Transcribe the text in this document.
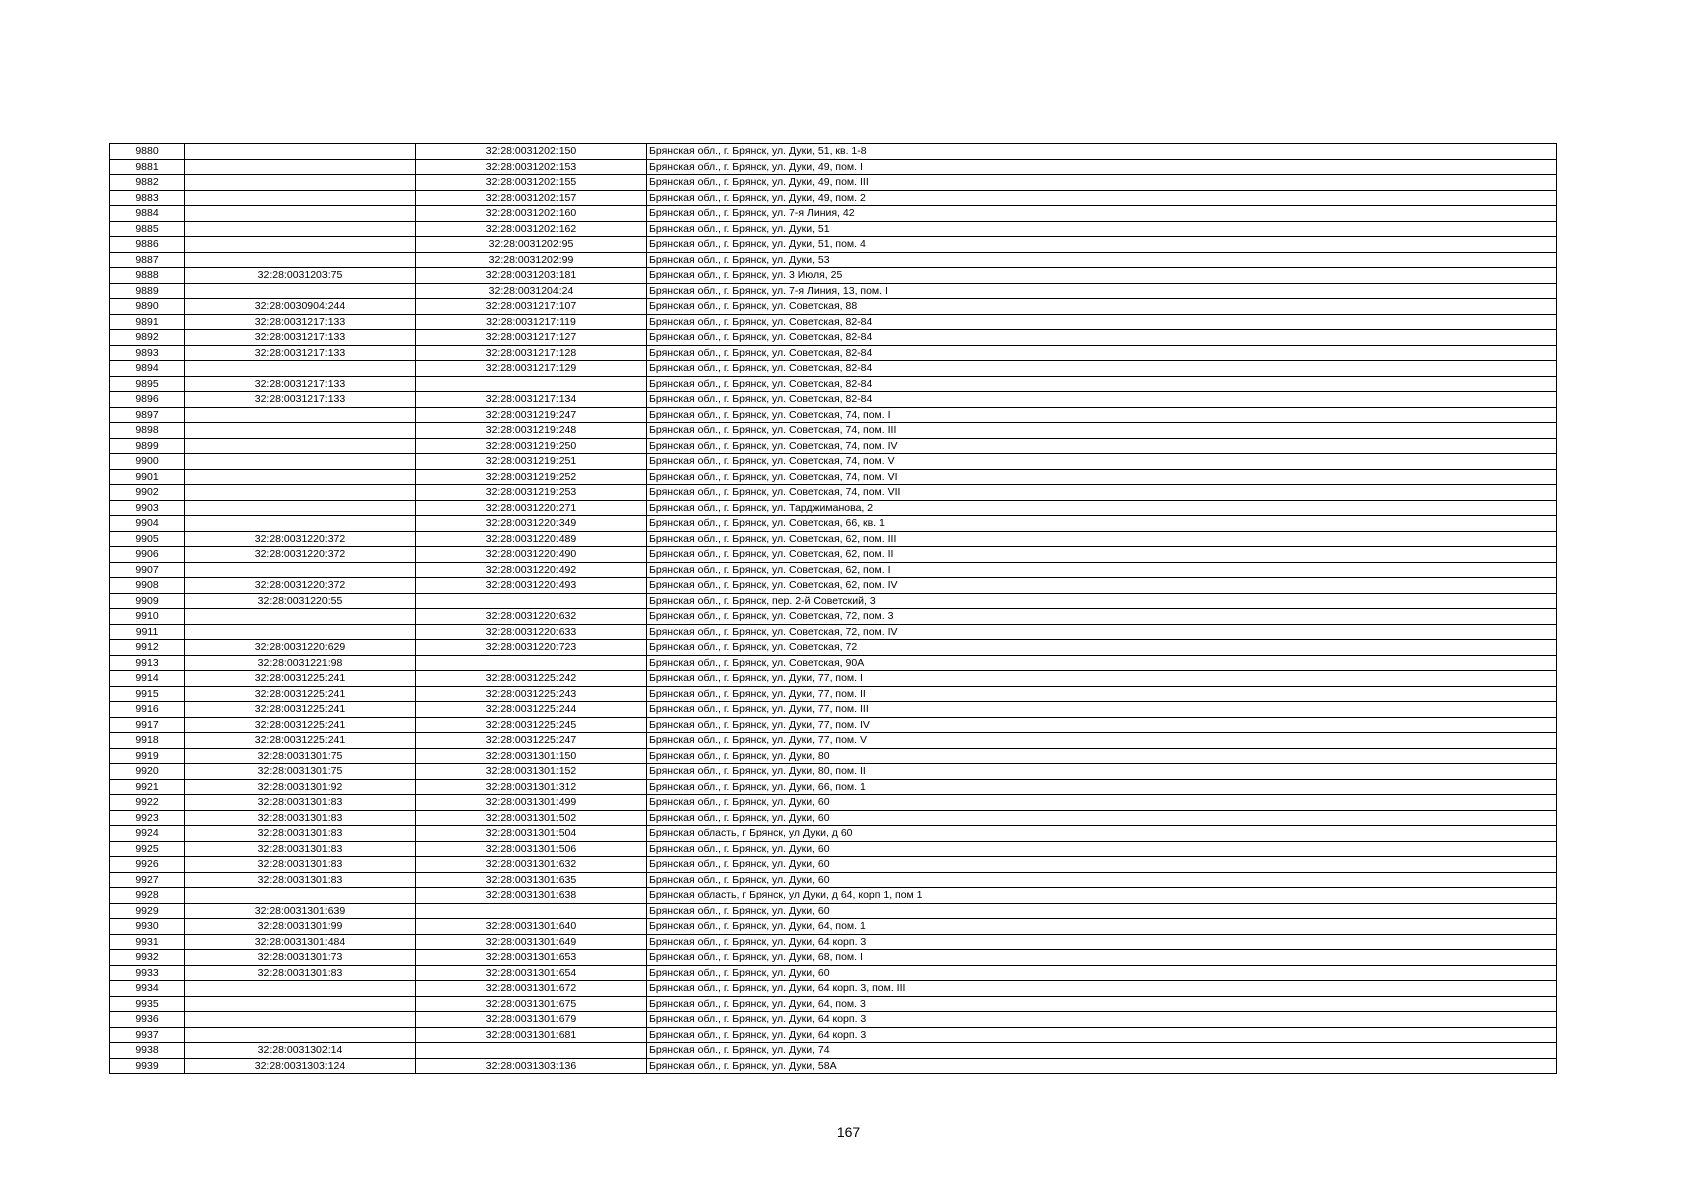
9880		32:28:0031202:150	Брянская обл., г. Брянск, ул. Дуки, 51, кв. 1-8
9881		32:28:0031202:153	Брянская обл., г. Брянск, ул. Дуки, 49, пом. I
9882		32:28:0031202:155	Брянская обл., г. Брянск, ул. Дуки, 49, пом. III
9883		32:28:0031202:157	Брянская обл., г. Брянск, ул. Дуки, 49, пом. 2
9884		32:28:0031202:160	Брянская обл., г. Брянск, ул. 7-я Линия, 42
9885		32:28:0031202:162	Брянская обл., г. Брянск, ул. Дуки, 51
9886		32:28:0031202:95	Брянская обл., г. Брянск, ул. Дуки, 51, пом. 4
9887		32:28:0031202:99	Брянская обл., г. Брянск, ул. Дуки, 53
9888	32:28:0031203:75	32:28:0031203:181	Брянская обл., г. Брянск, ул. 3 Июля, 25
9889		32:28:0031204:24	Брянская обл., г. Брянск, ул. 7-я Линия, 13, пом. I
9890	32:28:0030904:244	32:28:0031217:107	Брянская обл., г. Брянск, ул. Советская, 88
9891	32:28:0031217:133	32:28:0031217:119	Брянская обл., г. Брянск, ул. Советская, 82-84
9892	32:28:0031217:133	32:28:0031217:127	Брянская обл., г. Брянск, ул. Советская, 82-84
9893	32:28:0031217:133	32:28:0031217:128	Брянская обл., г. Брянск, ул. Советская, 82-84
9894		32:28:0031217:129	Брянская обл., г. Брянск, ул. Советская, 82-84
9895	32:28:0031217:133		Брянская обл., г. Брянск, ул. Советская, 82-84
9896	32:28:0031217:133	32:28:0031217:134	Брянская обл., г. Брянск, ул. Советская, 82-84
9897		32:28:0031219:247	Брянская обл., г. Брянск, ул. Советская, 74, пом. I
9898		32:28:0031219:248	Брянская обл., г. Брянск, ул. Советская, 74, пом. III
9899		32:28:0031219:250	Брянская обл., г. Брянск, ул. Советская, 74, пом. IV
9900		32:28:0031219:251	Брянская обл., г. Брянск, ул. Советская, 74, пом. V
9901		32:28:0031219:252	Брянская обл., г. Брянск, ул. Советская, 74, пом. VI
9902		32:28:0031219:253	Брянская обл., г. Брянск, ул. Советская, 74, пом. VII
9903		32:28:0031220:271	Брянская обл., г. Брянск, ул. Тарджиманова, 2
9904		32:28:0031220:349	Брянская обл., г. Брянск, ул. Советская, 66, кв. 1
9905	32:28:0031220:372	32:28:0031220:489	Брянская обл., г. Брянск, ул. Советская, 62, пом. III
9906	32:28:0031220:372	32:28:0031220:490	Брянская обл., г. Брянск, ул. Советская, 62, пом. II
9907		32:28:0031220:492	Брянская обл., г. Брянск, ул. Советская, 62, пом. I
9908	32:28:0031220:372	32:28:0031220:493	Брянская обл., г. Брянск, ул. Советская, 62, пом. IV
9909	32:28:0031220:55		Брянская обл., г. Брянск, пер. 2-й Советский, 3
9910		32:28:0031220:632	Брянская обл., г. Брянск, ул. Советская, 72, пом. 3
9911		32:28:0031220:633	Брянская обл., г. Брянск, ул. Советская, 72, пом. IV
9912	32:28:0031220:629	32:28:0031220:723	Брянская обл., г. Брянск, ул. Советская, 72
9913	32:28:0031221:98		Брянская обл., г. Брянск, ул. Советская, 90А
9914	32:28:0031225:241	32:28:0031225:242	Брянская обл., г. Брянск, ул. Дуки, 77, пом. I
9915	32:28:0031225:241	32:28:0031225:243	Брянская обл., г. Брянск, ул. Дуки, 77, пом. II
9916	32:28:0031225:241	32:28:0031225:244	Брянская обл., г. Брянск, ул. Дуки, 77, пом. III
9917	32:28:0031225:241	32:28:0031225:245	Брянская обл., г. Брянск, ул. Дуки, 77, пом. IV
9918	32:28:0031225:241	32:28:0031225:247	Брянская обл., г. Брянск, ул. Дуки, 77, пом. V
9919	32:28:0031301:75	32:28:0031301:150	Брянская обл., г. Брянск, ул. Дуки, 80
9920	32:28:0031301:75	32:28:0031301:152	Брянская обл., г. Брянск, ул. Дуки, 80, пом. II
9921	32:28:0031301:92	32:28:0031301:312	Брянская обл., г. Брянск, ул. Дуки, 66, пом. 1
9922	32:28:0031301:83	32:28:0031301:499	Брянская обл., г. Брянск, ул. Дуки, 60
9923	32:28:0031301:83	32:28:0031301:502	Брянская обл., г. Брянск, ул. Дуки, 60
9924	32:28:0031301:83	32:28:0031301:504	Брянская область, г Брянск, ул Дуки, д 60
9925	32:28:0031301:83	32:28:0031301:506	Брянская обл., г. Брянск, ул. Дуки, 60
9926	32:28:0031301:83	32:28:0031301:632	Брянская обл., г. Брянск, ул. Дуки, 60
9927	32:28:0031301:83	32:28:0031301:635	Брянская обл., г. Брянск, ул. Дуки, 60
9928		32:28:0031301:638	Брянская область, г Брянск, ул Дуки, д 64, корп 1, пом 1
9929	32:28:0031301:639		Брянская обл., г. Брянск, ул. Дуки, 60
9930	32:28:0031301:99	32:28:0031301:640	Брянская обл., г. Брянск, ул. Дуки, 64, пом. 1
9931	32:28:0031301:484	32:28:0031301:649	Брянская обл., г. Брянск, ул. Дуки, 64 корп. 3
9932	32:28:0031301:73	32:28:0031301:653	Брянская обл., г. Брянск, ул. Дуки, 68, пом. I
9933	32:28:0031301:83	32:28:0031301:654	Брянская обл., г. Брянск, ул. Дуки, 60
9934		32:28:0031301:672	Брянская обл., г. Брянск, ул. Дуки, 64 корп. 3, пом. III
9935		32:28:0031301:675	Брянская обл., г. Брянск, ул. Дуки, 64, пом. 3
9936		32:28:0031301:679	Брянская обл., г. Брянск, ул. Дуки, 64 корп. 3
9937		32:28:0031301:681	Брянская обл., г. Брянск, ул. Дуки, 64 корп. 3
9938	32:28:0031302:14		Брянская обл., г. Брянск, ул. Дуки, 74
9939	32:28:0031303:124	32:28:0031303:136	Брянская обл., г. Брянск, ул. Дуки, 58А
167
